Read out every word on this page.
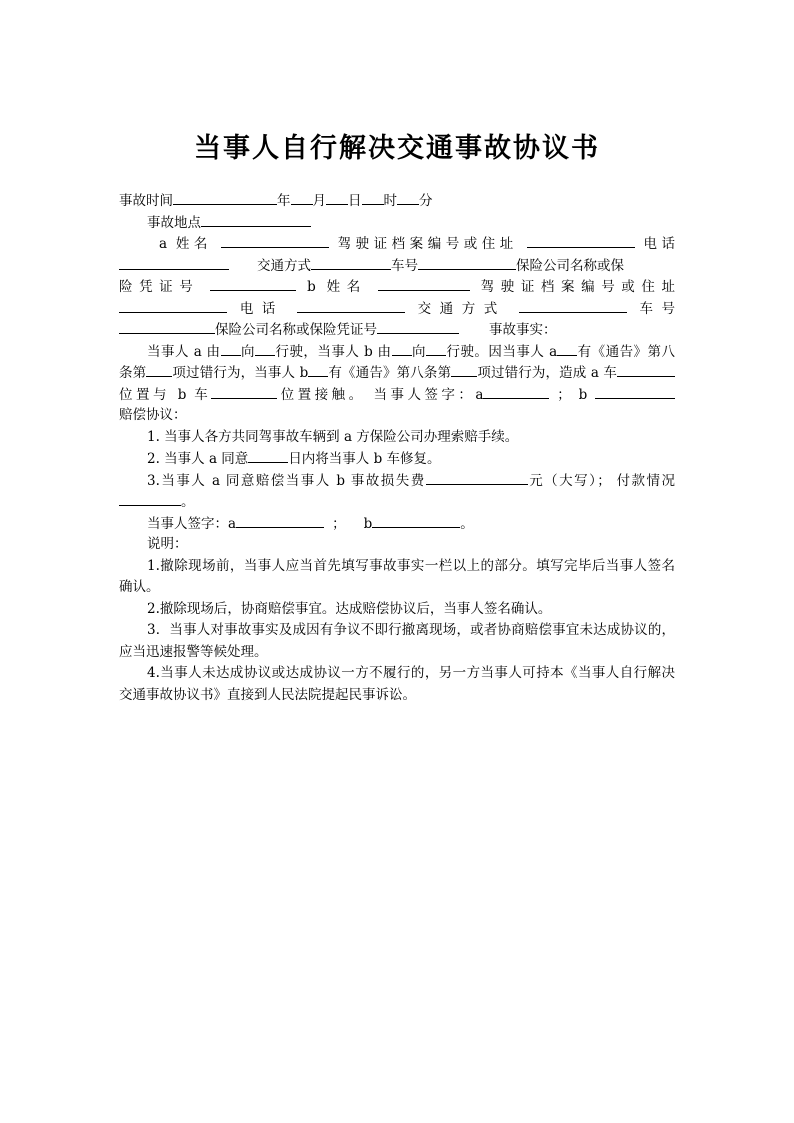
当事人自行解决交通事故协议书
事故时间	年 月 日 时 分
事故地点
a 姓名	驾驶证档案编号或住址	电话
交通方式	车号	保险公司名称或保
险凭证号	b 姓名	驾驶证档案编号或住址
电话	交通方式	车号
保险公司名称或保险凭证号	事故事实：
当事人 a 由 向 行驶，当事人 b 由 向 行驶。因当事人 a 有《通告》第八
条第 项过错行为，当事人 b 有《通告》第八条第 项过错行为，造成 a 车
位置与 b 车	位置接触。 当事人签字：a	； b
赔偿协议：
1. 当事人各方共同驾事故车辆到 a 方保险公司办理索赔手续。
2. 当事人 a 同意	日内将当事人 b 车修复。
3.当事人 a 同意赔偿当事人 b 事故损失费	元（大写）； 付款情况
。
当事人签字：a	； b	。
说明：
1.撤除现场前，当事人应当首先填写事故事实一栏以上的部分。填写完毕后当事人签名
确认。
2.撤除现场后，协商赔偿事宜。达成赔偿协议后，当事人签名确认。
3．当事人对事故事实及成因有争议不即行撤离现场，或者协商赔偿事宜未达成协议的，
应当迅速报警等候处理。
4.当事人未达成协议或达成协议一方不履行的，另一方当事人可持本《当事人自行解决
交通事故协议书》直接到人民法院提起民事诉讼。
